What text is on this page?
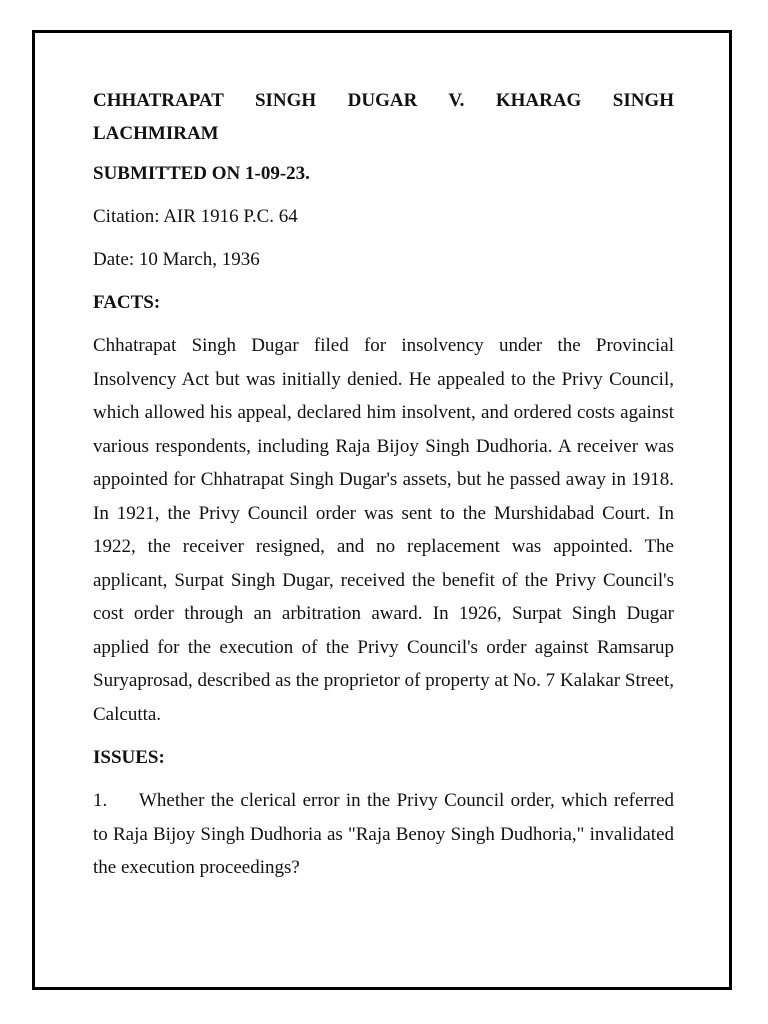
CHHATRAPAT SINGH DUGAR V. KHARAG SINGH
LACHMIRAM

SUBMITTED ON 1-09-23.

Citation: AIR 1916 P.C. 64

Date: 10 March, 1936

FACTS:

Chhatrapat Singh Dugar filed for insolvency under the Provincial Insolvency Act but was initially denied. He appealed to the Privy Council, which allowed his appeal, declared him insolvent, and ordered costs against various respondents, including Raja Bijoy Singh Dudhoria. A receiver was appointed for Chhatrapat Singh Dugar's assets, but he passed away in 1918. In 1921, the Privy Council order was sent to the Murshidabad Court. In 1922, the receiver resigned, and no replacement was appointed. The applicant, Surpat Singh Dugar, received the benefit of the Privy Council's cost order through an arbitration award. In 1926, Surpat Singh Dugar applied for the execution of the Privy Council's order against Ramsarup Suryaprosad, described as the proprietor of property at No. 7 Kalakar Street, Calcutta.

ISSUES:

1. Whether the clerical error in the Privy Council order, which referred to Raja Bijoy Singh Dudhoria as "Raja Benoy Singh Dudhoria," invalidated the execution proceedings?
